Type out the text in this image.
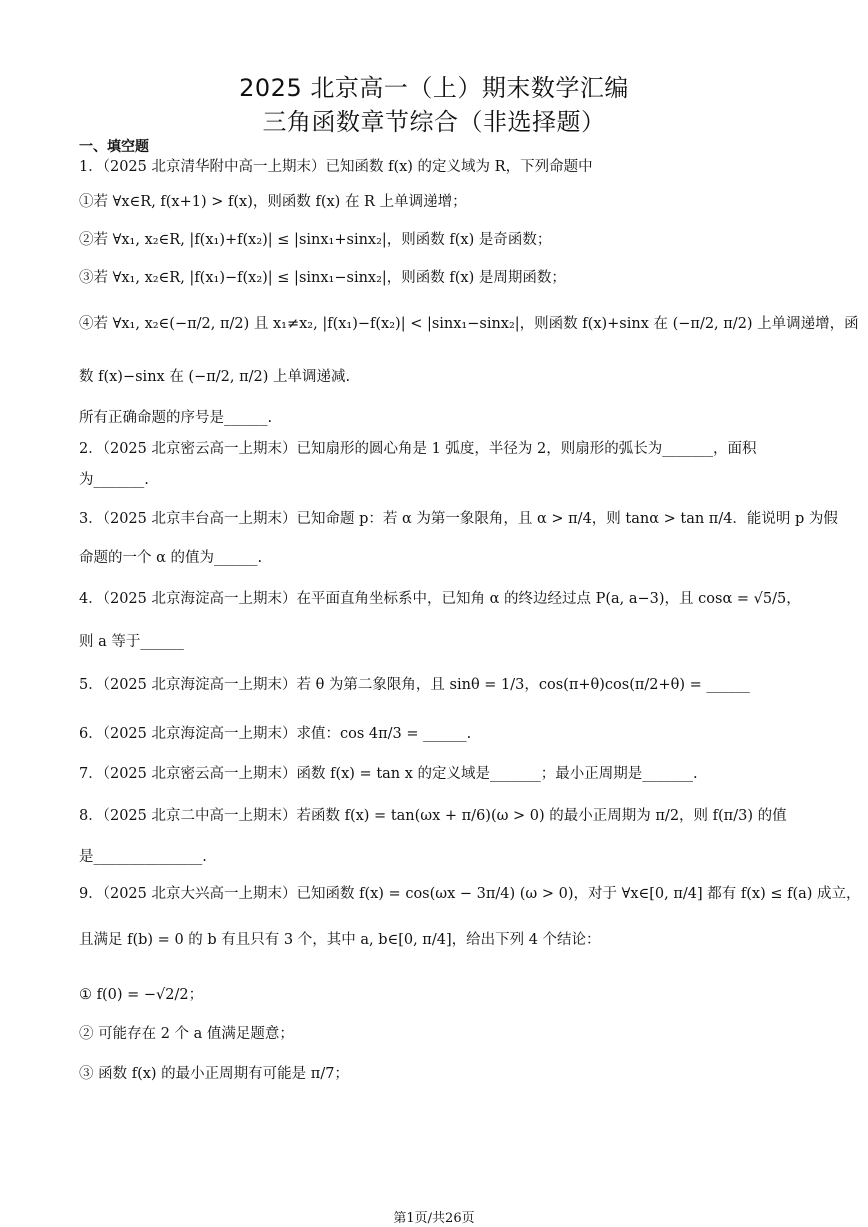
2025 北京高一（上）期末数学汇编
三角函数章节综合（非选择题）
一、填空题
1．（2025 北京清华附中高一上期末）已知函数 f(x) 的定义域为 R，下列命题中
①若 ∀x∈R, f(x+1) > f(x)，则函数 f(x) 在 R 上单调递增；
②若 ∀x₁, x₂∈R, |f(x₁)+f(x₂)| ≤ |sinx₁+sinx₂|，则函数 f(x) 是奇函数；
③若 ∀x₁, x₂∈R, |f(x₁)−f(x₂)| ≤ |sinx₁−sinx₂|，则函数 f(x) 是周期函数；
④若 ∀x₁, x₂∈(−π/2, π/2) 且 x₁≠x₂, |f(x₁)−f(x₂)| < |sinx₁−sinx₂|，则函数 f(x)+sinx 在 (−π/2, π/2) 上单调递增，函
数 f(x)−sinx 在 (−π/2, π/2) 上单调递减.
所有正确命题的序号是______.
2．（2025 北京密云高一上期末）已知扇形的圆心角是 1 弧度，半径为 2，则扇形的弧长为_______，面积
为_______.
3．（2025 北京丰台高一上期末）已知命题 p：若 α 为第一象限角，且 α > π/4，则 tanα > tan π/4．能说明 p 为假
命题的一个 α 的值为______.
4．（2025 北京海淀高一上期末）在平面直角坐标系中，已知角 α 的终边经过点 P(a, a−3)，且 cosα = √5/5，
则 a 等于______
5．（2025 北京海淀高一上期末）若 θ 为第二象限角，且 sinθ = 1/3，cos(π+θ)cos(π/2+θ) = ______
6．（2025 北京海淀高一上期末）求值：cos 4π/3 = ______.
7．（2025 北京密云高一上期末）函数 f(x) = tan x 的定义域是_______；最小正周期是_______.
8．（2025 北京二中高一上期末）若函数 f(x) = tan(ωx + π/6)(ω > 0) 的最小正周期为 π/2，则 f(π/3) 的值
是_______________.
9．（2025 北京大兴高一上期末）已知函数 f(x) = cos(ωx − 3π/4) (ω > 0)，对于 ∀x∈[0, π/4] 都有 f(x) ≤ f(a) 成立，
且满足 f(b) = 0 的 b 有且只有 3 个，其中 a, b∈[0, π/4]，给出下列 4 个结论：
① f(0) = −√2/2；
② 可能存在 2 个 a 值满足题意；
③ 函数 f(x) 的最小正周期有可能是 π/7；
第1页/共26页
